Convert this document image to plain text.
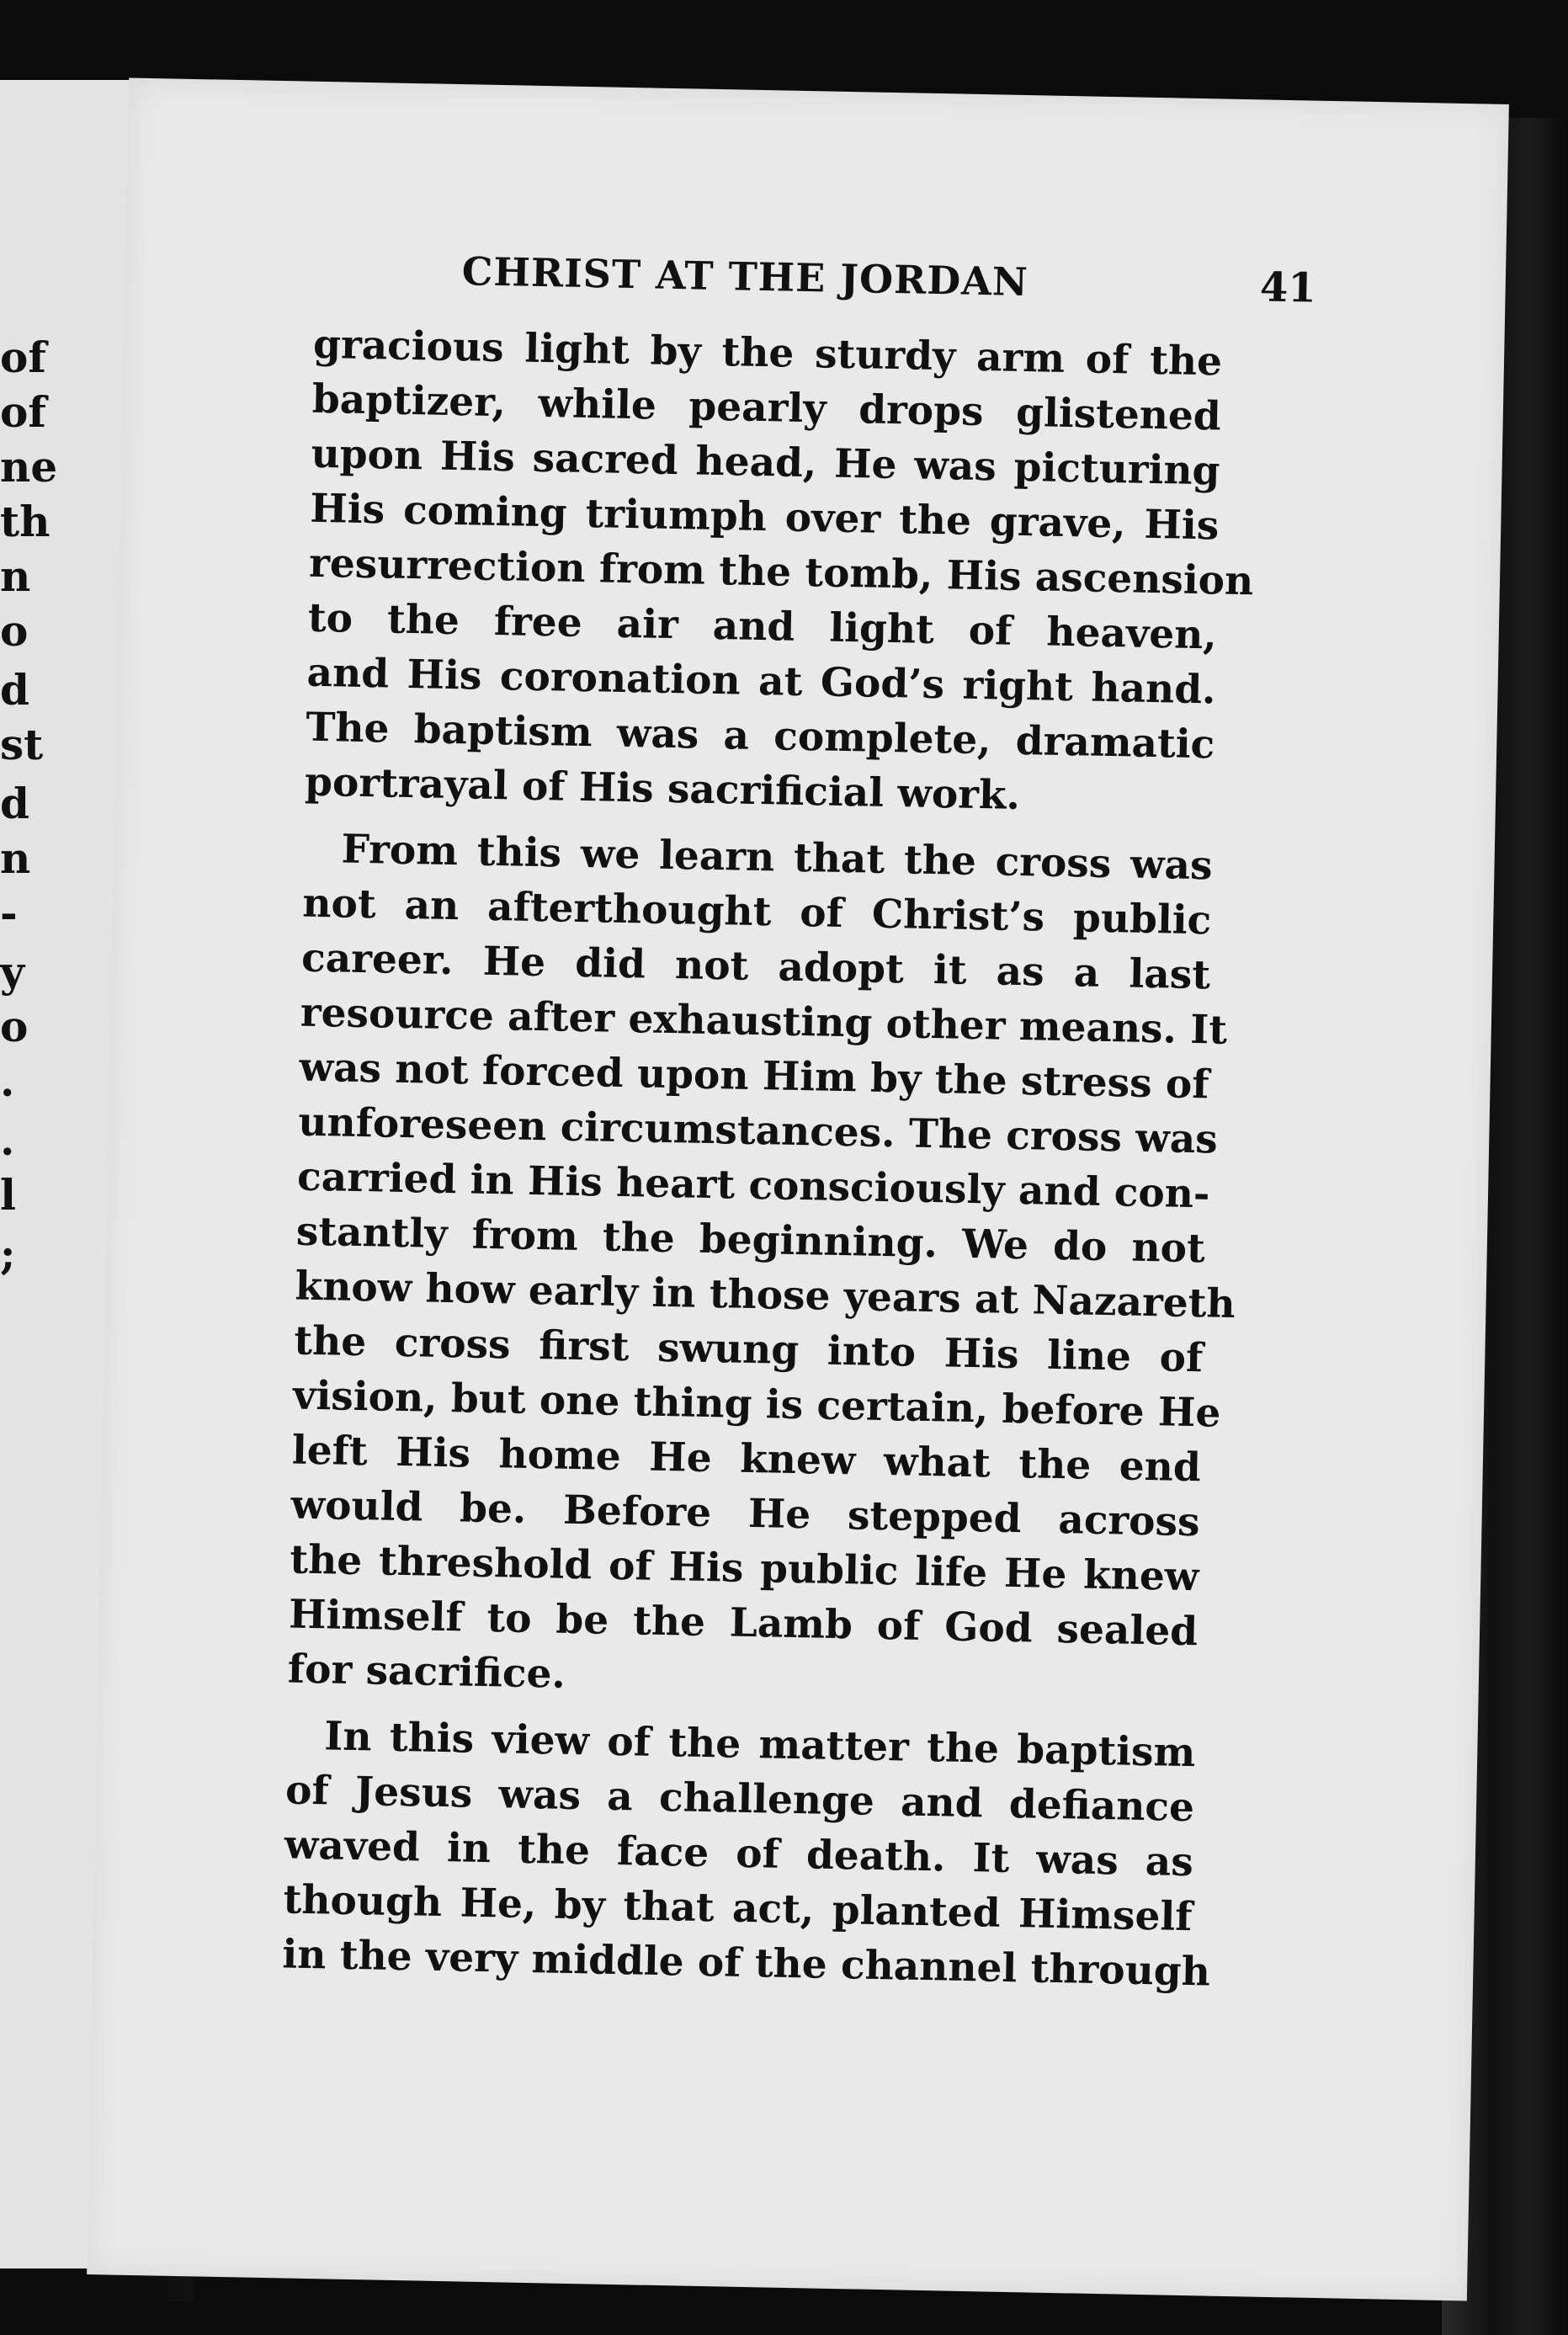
of
of
ne
th
n
o
d
st
d
n
-
y
o
.
.
l
;
CHRIST AT THE JORDAN	41

gracious light by the sturdy arm of the
baptizer, while pearly drops glistened
upon His sacred head, He was picturing
His coming triumph over the grave, His
resurrection from the tomb, His ascension
to the free air and light of heaven,
and His coronation at God’s right hand.
The baptism was a complete, dramatic
portrayal of His sacrificial work.

From this we learn that the cross was
not an afterthought of Christ’s public
career. He did not adopt it as a last
resource after exhausting other means. It
was not forced upon Him by the stress of
unforeseen circumstances. The cross was
carried in His heart consciously and con-
stantly from the beginning. We do not
know how early in those years at Nazareth
the cross first swung into His line of
vision, but one thing is certain, before He
left His home He knew what the end
would be. Before He stepped across
the threshold of His public life He knew
Himself to be the Lamb of God sealed
for sacrifice.

In this view of the matter the baptism
of Jesus was a challenge and defiance
waved in the face of death. It was as
though He, by that act, planted Himself
in the very middle of the channel through
